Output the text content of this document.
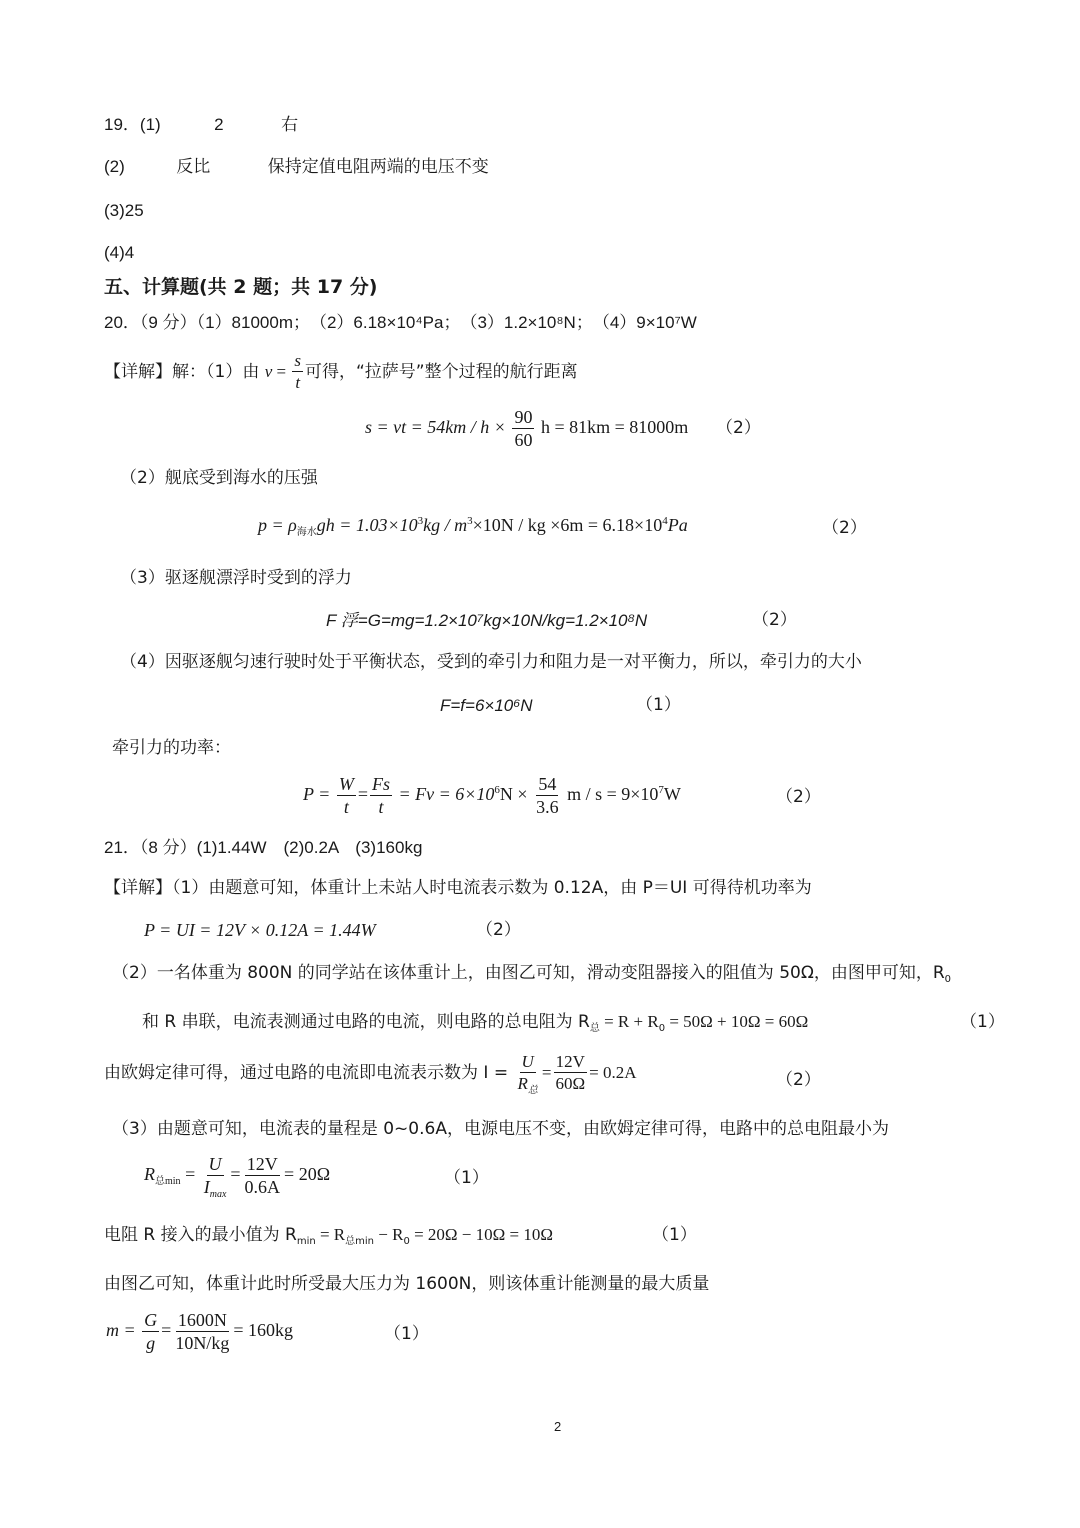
19．(1)	2	右
(2)	反比	保持定值电阻两端的电压不变
(3)25
(4)4
五、计算题(共 2 题；共 17 分)
20．（9 分）（1）81000m；　（2）6.18×10⁴Pa；　（3）1.2×10⁸N；　（4）9×10⁷W
【详解】解：（1）由 $v = \frac{s}{t}$ 可得，“拉萨号”整个过程的航行距离
s = vt = $54km / h \times \frac{90}{60}$ h = 81km = 81000m （2）
（2）舰底受到海水的压强
$p = \rho_{海水}gh = 1.03\times 10^3kg / m^3\times 10N$ / kg $\times 6m = 6.18\times 10^4Pa$	（2）
（3）驱逐舰漂浮时受到的浮力
F 浮=G=mg=1.2×10⁷kg×10N/kg=1.2×10⁸N	（2）
（4）因驱逐舰匀速行驶时处于平衡状态，受到的牵引力和阻力是一对平衡力，所以，牵引力的大小
F=f=6×10⁶N	（1）
牵引力的功率：
$P = \frac{W}{t} = \frac{Fs}{t} = Fv = 6\times 10^6N \times \frac{54}{3.6}$ $m / s = 9\times 10^7W$	（2）
21．（8 分）(1)1.44W　(2)0.2A　(3)160kg
【详解】（1）由题意可知，体重计上未站人时电流表示数为 0.12A，由 P＝UI 可得待机功率为
P = UI = 12V × 0.12A = 1.44W	（2）
（2）一名体重为 800N 的同学站在该体重计上，由图乙可知，滑动变阻器接入的阻值为 50Ω，由图甲可知，$R_0$
和 R 串联，电流表测通过电路的电流，则电路的总电阻为 $R_总 = R + R_0 = 50\Omega + 10\Omega = 60\Omega$	（1）
由欧姆定律可得，通过电路的电流即电流表示数为 $I = \frac{U}{R_总} = \frac{12V}{60\Omega} = 0.2A$	（2）
（3）由题意可知，电流表的量程是 0~0.6A，电源电压不变，由欧姆定律可得，电路中的总电阻最小为
$R_{总min} = \frac{U}{I_{max}} = \frac{12V}{0.6A} = 20\Omega$	（1）
电阻 R 接入的最小值为 $R_{min} = R_{总min} - R_0 = 20\Omega - 10\Omega = 10\Omega$	（1）
由图乙可知，体重计此时所受最大压力为 1600N，则该体重计能测量的最大质量
$m = \frac{G}{g} = \frac{1600N}{10N/kg} = 160kg$	（1）
2
